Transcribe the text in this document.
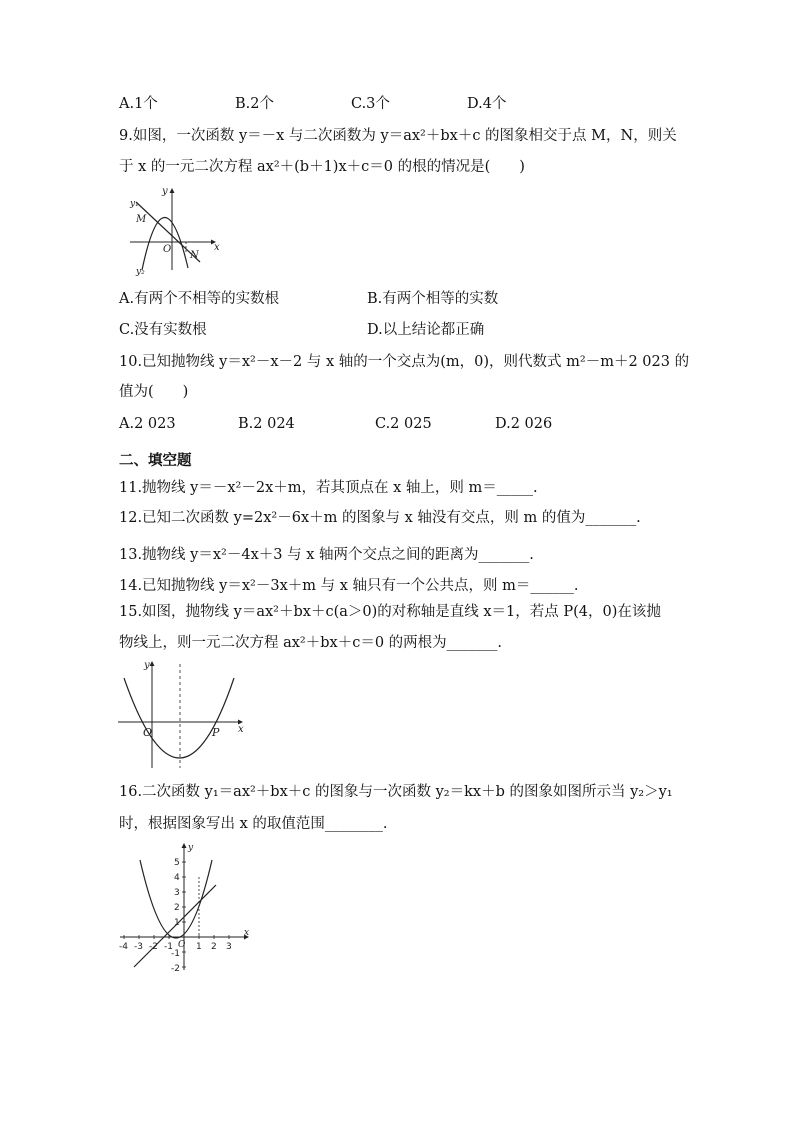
A.1个	B.2个	C.3个	D.4个
9.如图，一次函数 y＝－x 与二次函数为 y＝ax²＋bx＋c 的图象相交于点 M，N，则关
于 x 的一元二次方程 ax²＋(b＋1)x＋c＝0 的根的情况是(　　)
y
x
O
M
N
y₁
y₂
A.有两个不相等的实数根	B.有两个相等的实数
C.没有实数根	D.以上结论都正确
10.已知抛物线 y＝x²－x－2 与 x 轴的一个交点为(m，0)，则代数式 m²－m＋2 023 的
值为(　　)
A.2 023	B.2 024	C.2 025	D.2 026
二、填空题
11.抛物线 y＝－x²－2x＋m，若其顶点在 x 轴上，则 m＝_____.
12.已知二次函数 y=2x²－6x＋m 的图象与 x 轴没有交点，则 m 的值为_______.
13.抛物线 y＝x²－4x＋3 与 x 轴两个交点之间的距离为_______.
14.已知抛物线 y＝x²－3x＋m 与 x 轴只有一个公共点，则 m＝______.
15.如图，抛物线 y＝ax²＋bx＋c(a＞0)的对称轴是直线 x＝1，若点 P(4，0)在该抛
物线上，则一元二次方程 ax²＋bx＋c＝0 的两根为_______.
y
x
O	P
16.二次函数 y₁＝ax²＋bx＋c 的图象与一次函数 y₂＝kx＋b 的图象如图所示当 y₂＞y₁
时，根据图象写出 x 的取值范围________.
-4 -3 -2 -1	1 2 3
5
4
3
2
1
-1
-2
y
x
O
